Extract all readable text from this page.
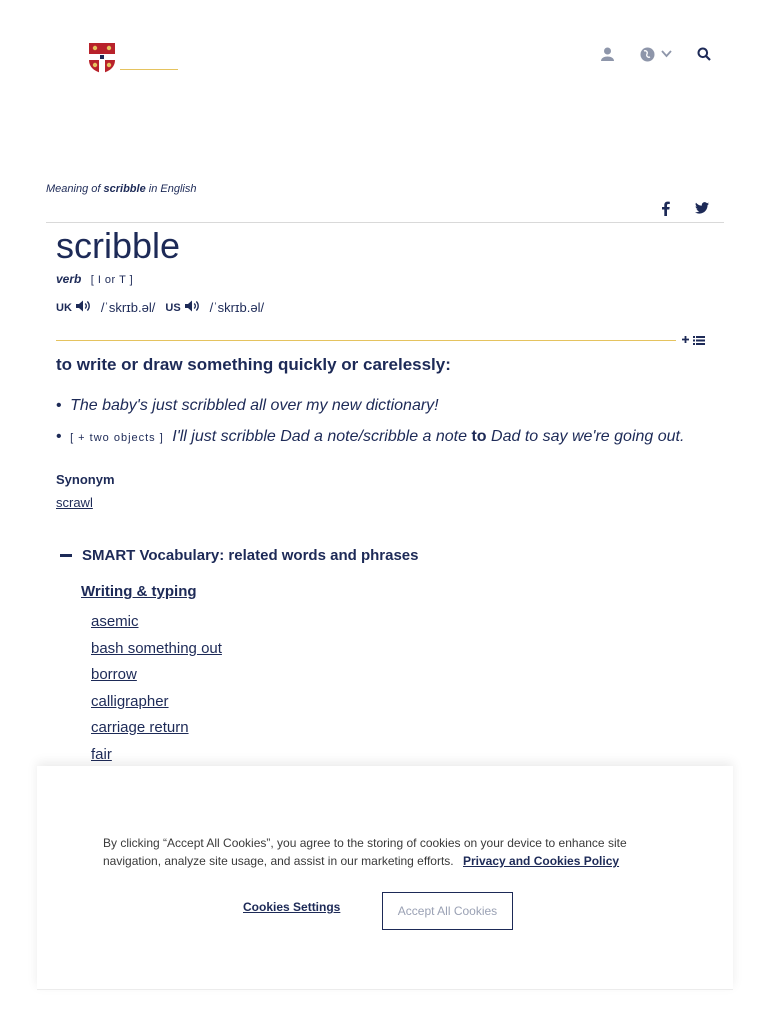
Meaning of scribble in English
scribble
verb [ I or T ]
UK /ˈskrɪb.əl/ US /ˈskrɪb.əl/
to write or draw something quickly or carelessly:
• The baby's just scribbled all over my new dictionary!
• [ + two objects ] I'll just scribble Dad a note/scribble a note to Dad to say we're going out.
Synonym
scrawl
SMART Vocabulary: related words and phrases
Writing & typing
asemic
bash something out
borrow
calligrapher
carriage return
fair
By clicking “Accept All Cookies”, you agree to the storing of cookies on your device to enhance site navigation, analyze site usage, and assist in our marketing efforts. Privacy and Cookies Policy
Cookies Settings	Accept All Cookies
